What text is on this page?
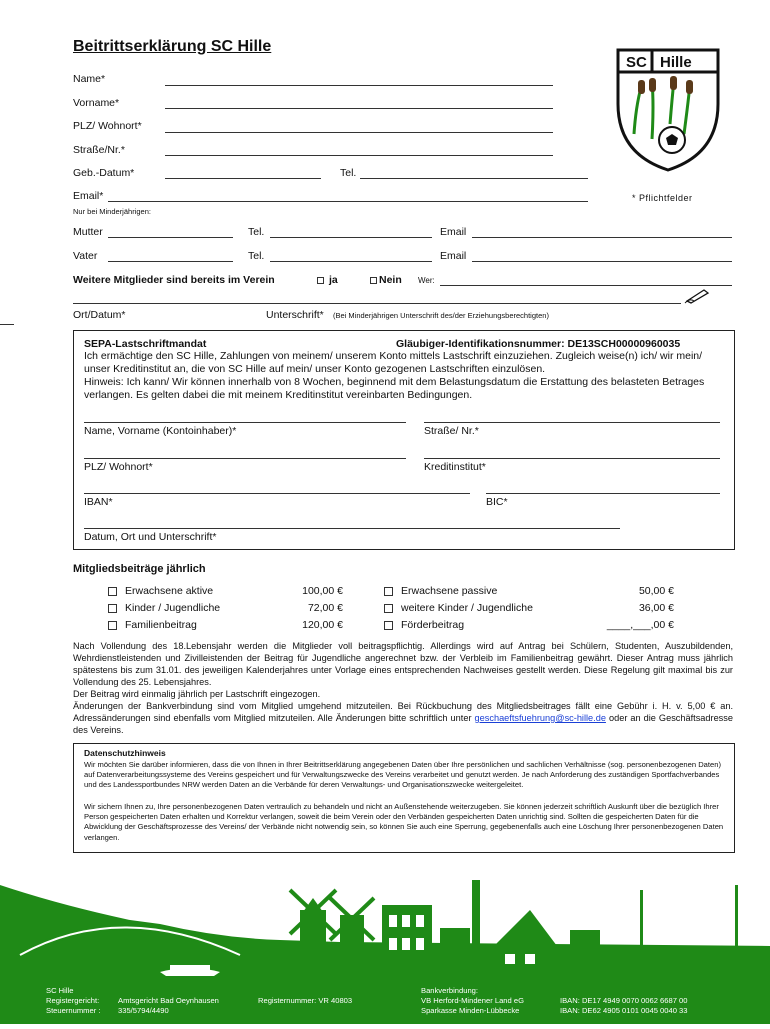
Beitrittserklärung SC Hille
SC Hille
Name*
Vorname*
PLZ/ Wohnort*
Straße/Nr.*
Geb.-Datum*	Tel.
Email*	* Pflichtfelder
Nur bei Minderjährigen:
Mutter	Tel.	Email
Vater	Tel.	Email
Weitere Mitglieder sind bereits im Verein	ja	Nein Wer:
Ort/Datum*	Unterschrift* (Bei Minderjährigen Unterschrift des/der Erziehungsberechtigten)
SEPA-Lastschriftmandat	Gläubiger-Identifikationsnummer: DE13SCH00000960035

Ich ermächtige den SC Hille, Zahlungen von meinem/ unserem Konto mittels Lastschrift einzuziehen. Zugleich weise(n) ich/ wir mein/ unser Kreditinstitut an, die von SC Hille auf mein/ unser Konto gezogenen Lastschriften einzulösen.

Hinweis: Ich kann/ Wir können innerhalb von 8 Wochen, beginnend mit dem Belastungsdatum die Erstattung des belasteten Betrages verlangen. Es gelten dabei die mit meinem Kreditinstitut vereinbarten Bedingungen.

Name, Vorname (Kontoinhaber)*	Straße/ Nr.*
PLZ/ Wohnort*	Kreditinstitut*
IBAN*	BIC*
Datum, Ort und Unterschrift*
Mitgliedsbeiträge jährlich
Erwachsene aktive	100,00 €
Kinder / Jugendliche	72,00 €
Familienbeitrag	120,00 €
Erwachsene passive	50,00 €
weitere Kinder / Jugendliche	36,00 €
Förderbeitrag	____,___,00 €
Nach Vollendung des 18.Lebensjahr werden die Mitglieder voll beitragspflichtig. Allerdings wird auf Antrag bei Schülern, Studenten, Auszubildenden, Wehrdienstleistenden und Zivilleistenden der Beitrag für Jugendliche angerechnet bzw. der Verbleib im Familienbeitrag gewährt. Dieser Antrag muss jährlich spätestens bis zum 31.01. des jeweiligen Kalenderjahres unter Vorlage eines entsprechenden Nachweises gestellt werden. Diese Regelung gilt maximal bis zur Vollendung des 25. Lebensjahres.
Der Beitrag wird einmalig jährlich per Lastschrift eingezogen.
Änderungen der Bankverbindung sind vom Mitglied umgehend mitzuteilen. Bei Rückbuchung des Mitgliedsbeitrages fällt eine Gebühr i. H. v. 5,00 € an. Adressänderungen sind ebenfalls vom Mitglied mitzuteilen. Alle Änderungen bitte schriftlich unter geschaeftsfuehrung@sc-hille.de oder an die Geschäftsadresse des Vereins.
Datenschutzhinweis
Wir möchten Sie darüber informieren, dass die von Ihnen in Ihrer Beitrittserklärung angegebenen Daten über Ihre persönlichen und sachlichen Verhältnisse (sog. personenbezogenen Daten) auf Datenverarbeitungssysteme des Vereins gespeichert und für Verwaltungszwecke des Vereins verarbeitet und genutzt werden. Je nach Anforderung des zuständigen Sportfachverbandes und des Landessportbundes NRW werden Daten an die Verbände für deren Verwaltungs- und Organisationszwecke weitergeleitet.
Wir sichern Ihnen zu, Ihre personenbezogenen Daten vertraulich zu behandeln und nicht an Außenstehende weiterzugeben. Sie können jederzeit schriftlich Auskunft über die bezüglich Ihrer Person gespeicherten Daten erhalten und Korrektur verlangen, soweit die beim Verein oder den Verbänden gespeicherten Daten unrichtig sind. Sollten die gespeicherten Daten für die Abwicklung der Geschäftsprozesse des Vereins/ der Verbände nicht notwendig sein, so können Sie auch eine Sperrung, gegebenenfalls auch eine Löschung Ihrer personenbezogenen Daten verlangen.
SC Hille
Registergericht: Amtsgericht Bad Oeynhausen	Registernummer: VR 40803
Steuernummer : 335/5794/4490
Bankverbindung:
VB Herford-Mindener Land eG	IBAN: DE17 4949 0070 0062 6687 00
Sparkasse Minden-Lübbecke	IBAN: DE62 4905 0101 0045 0040 33
